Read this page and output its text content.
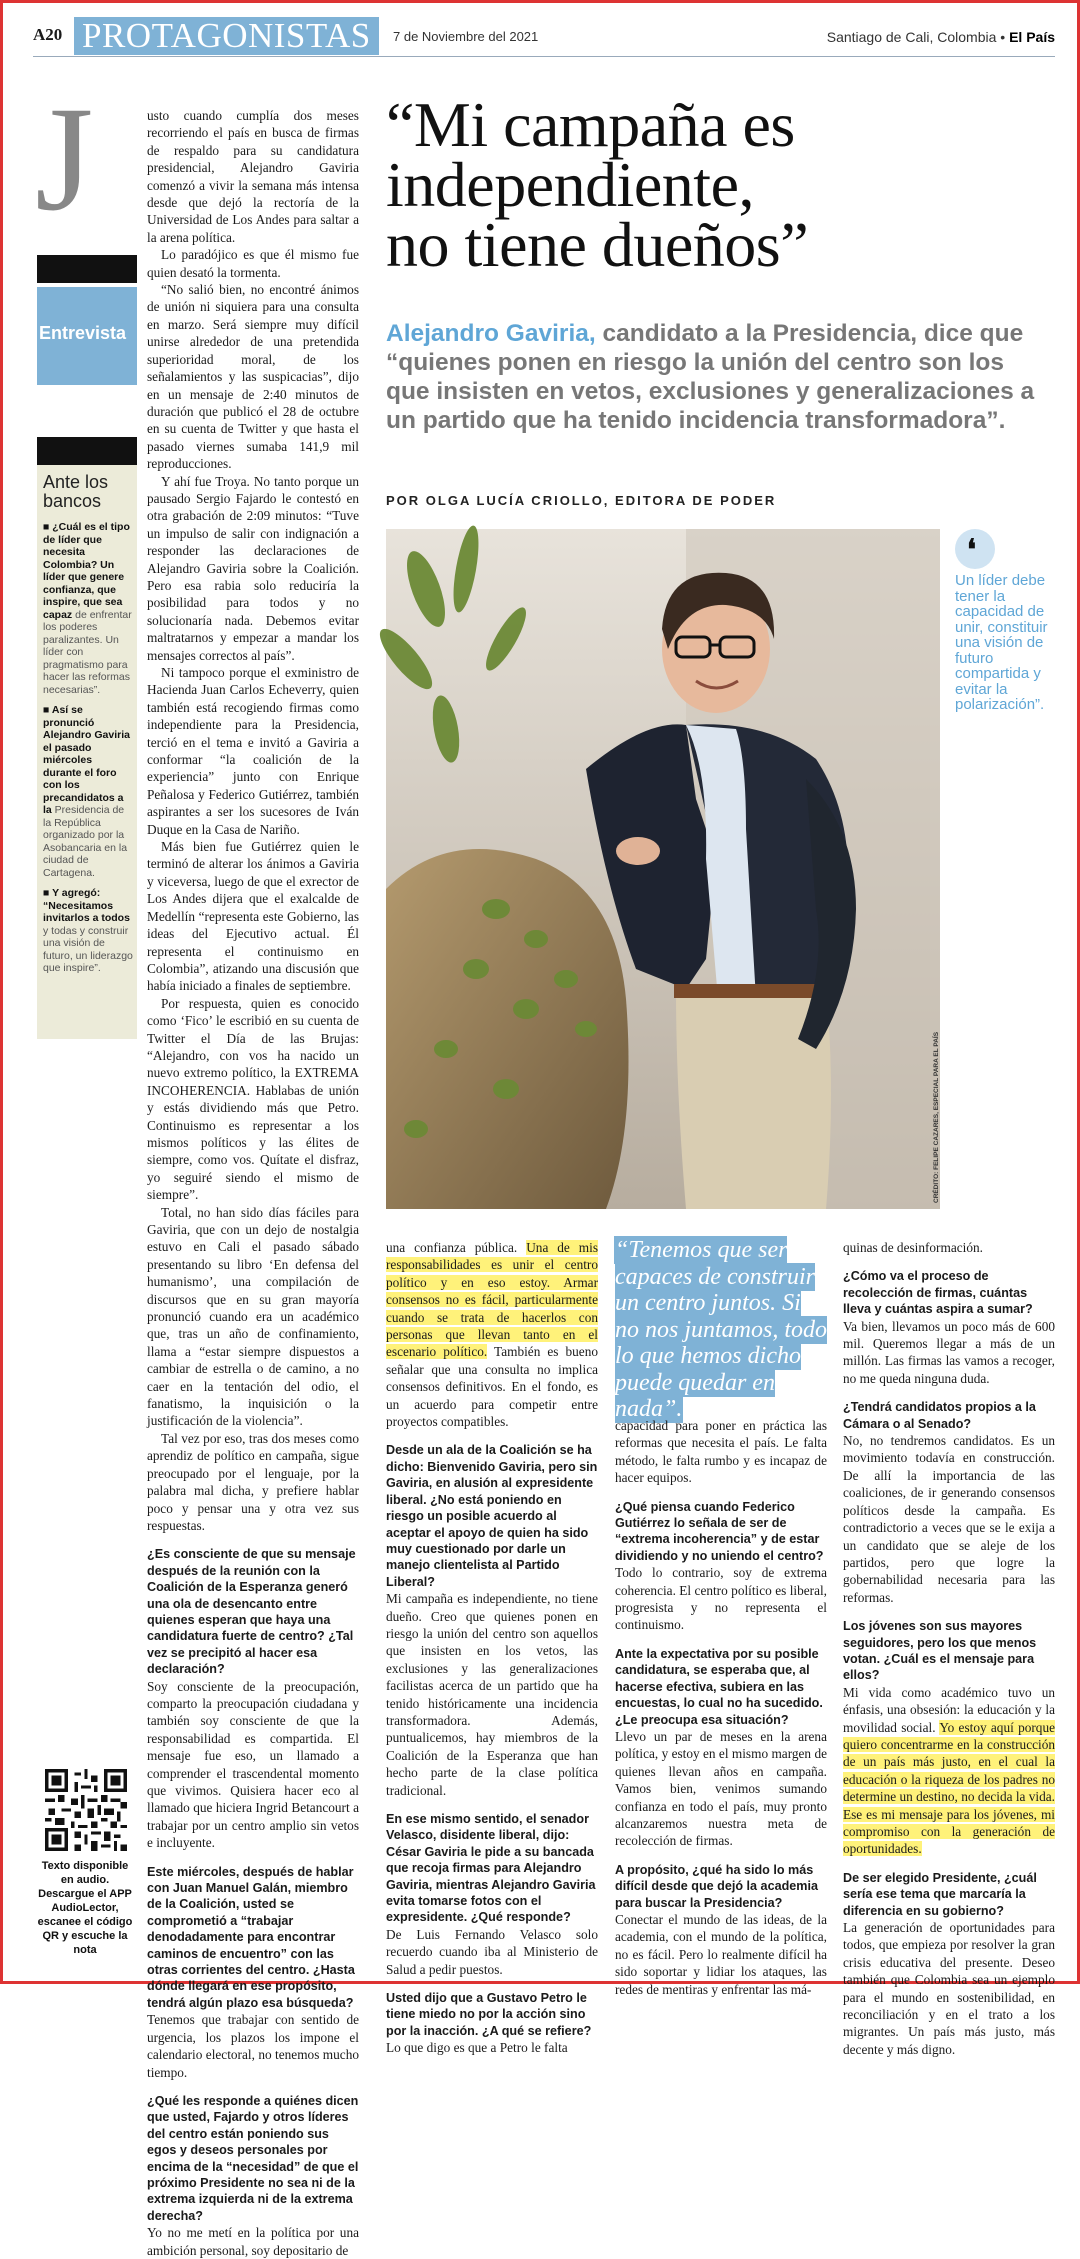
A20 PROTAGONISTAS	7 de Noviembre del 2021	Santiago de Cali, Colombia • El País
J
Entrevista
Ante los bancos

■ ¿Cuál es el tipo de líder que necesita Colombia? Un líder que genere confianza, que inspire, que sea capaz de enfrentar los poderes paralizantes. Un líder con pragmatismo para hacer las reformas necesarias”.

■ Así se pronunció Alejandro Gaviria el pasado miércoles durante el foro con los precandidatos a la Presidencia de la República organizado por la Asobancaria en la ciudad de Cartagena.

■ Y agregó: “Necesitamos invitarlos a todos y todas y construir una visión de futuro, un liderazgo que inspire”.

Texto disponible en audio. Descargue el APP AudioLector, escanee el código QR y escuche la nota

usto cuando cumplía dos meses recorriendo el país en busca de firmas de respaldo para su candidatura presidencial, Alejandro Gaviria comenzó a vivir la semana más intensa desde que dejó la rectoría de la Universidad de Los Andes para saltar a la arena política.

Lo paradójico es que él mismo fue quien desató la tormenta.

“No salió bien, no encontré ánimos de unión ni siquiera para una consulta en marzo. Será siempre muy difícil unirse alrededor de una pretendida superioridad moral, de los señalamientos y las suspicacias”, dijo en un mensaje de 2:40 minutos de duración que publicó el 28 de octubre en su cuenta de Twitter y que hasta el pasado viernes sumaba 141,9 mil reproducciones.

Y ahí fue Troya. No tanto porque un pausado Sergio Fajardo le contestó en otra grabación de 2:09 minutos: “Tuve un impulso de salir con indignación a responder las declaraciones de Alejandro Gaviria sobre la Coalición. Pero esa rabia solo reduciría la posibilidad para todos y no solucionaría nada. Debemos evitar maltratarnos y empezar a mandar los mensajes correctos al país”.

Ni tampoco porque el exministro de Hacienda Juan Carlos Echeverry, quien también está recogiendo firmas como independiente para la Presidencia, terció en el tema e invitó a Gaviria a conformar “la coalición de la experiencia” junto con Enrique Peñalosa y Federico Gutiérrez, también aspirantes a ser los sucesores de Iván Duque en la Casa de Nariño.

Más bien fue Gutiérrez quien le terminó de alterar los ánimos a Gaviria y viceversa, luego de que el exrector de Los Andes dijera que el exalcalde de Medellín “representa este Gobierno, las ideas del Ejecutivo actual. Él representa el continuismo en Colombia”, atizando una discusión que había iniciado a finales de septiembre.

Por respuesta, quien es conocido como ‘Fico’ le escribió en su cuenta de Twitter el Día de las Brujas: “Alejandro, con vos ha nacido un nuevo extremo político, la EXTREMA INCOHERENCIA. Hablabas de unión y estás dividiendo más que Petro. Continuismo es representar a los mismos políticos y las élites de siempre, como vos. Quítate el disfraz, yo seguiré siendo el mismo de siempre”.

Total, no han sido días fáciles para Gaviria, que con un dejo de nostalgia estuvo en Cali el pasado sábado presentando su libro ‘En defensa del humanismo’, una compilación de discursos que en su gran mayoría pronunció cuando era un académico que, tras un año de confinamiento, llama a “estar siempre dispuestos a cambiar de estrella o de camino, a no caer en la tentación del odio, el fanatismo, la inquisición o la justificación de la violencia”.

Tal vez por eso, tras dos meses como aprendiz de político en campaña, sigue preocupado por el lenguaje, por la palabra mal dicha, y prefiere hablar poco y pensar una y otra vez sus respuestas.

¿Es consciente de que su mensaje después de la reunión con la Coalición de la Esperanza generó una ola de desencanto entre quienes esperan que haya una candidatura fuerte de centro? ¿Tal vez se precipitó al hacer esa declaración?

Soy consciente de la preocupación, comparto la preocupación ciudadana y también soy consciente de que la responsabilidad es compartida. El mensaje fue eso, un llamado a comprender el trascendental momento que vivimos. Quisiera hacer eco al llamado que hiciera Ingrid Betancourt a trabajar por un centro amplio sin vetos e incluyente.

Este miércoles, después de hablar con Juan Manuel Galán, miembro de la Coalición, usted se comprometió a “trabajar denodadamente para encontrar caminos de encuentro” con las otras corrientes del centro. ¿Hasta dónde llegará en ese propósito, tendrá algún plazo esa búsqueda?

Tenemos que trabajar con sentido de urgencia, los plazos los impone el calendario electoral, no tenemos mucho tiempo.

¿Qué les responde a quiénes dicen que usted, Fajardo y otros líderes del centro están poniendo sus egos y deseos personales por encima de la “necesidad” de que el próximo Presidente no sea ni de la extrema izquierda ni de la extrema derecha?

Yo no me metí en la política por una ambición personal, soy depositario de

“Mi campaña es
independiente,
no tiene dueños”
Alejandro Gaviria, candidato a la Presidencia, dice que “quienes ponen en riesgo la unión del centro son los que insisten en vetos, exclusiones y generalizaciones a un partido que ha tenido incidencia transformadora”.
POR OLGA LUCÍA CRIOLLO, EDITORA DE PODER
CRÉDITO: FELIPE CAZARES, ESPECIAL PARA EL PAÍS
❛
Un líder debe tener la capacidad de unir, constituir una visión de futuro compartida y evitar la polarización”.

una confianza pública. Una de mis responsabilidades es unir el centro político y en eso estoy. Armar consensos no es fácil, particularmente cuando se trata de hacerlos con personas que llevan tanto en el escenario político. También es bueno señalar que una consulta no implica consensos definitivos. En el fondo, es un acuerdo para competir entre proyectos compatibles.

Desde un ala de la Coalición se ha dicho: Bienvenido Gaviria, pero sin Gaviria, en alusión al expresidente liberal. ¿No está poniendo en riesgo un posible acuerdo al aceptar el apoyo de quien ha sido muy cuestionado por darle un manejo clientelista al Partido Liberal?

Mi campaña es independiente, no tiene dueño. Creo que quienes ponen en riesgo la unión del centro son aquellos que insisten en los vetos, las exclusiones y las generalizaciones facilistas acerca de un partido que ha tenido históricamente una incidencia transformadora. Además, puntualicemos, hay miembros de la Coalición de la Esperanza que han hecho parte de la clase política tradicional.

En ese mismo sentido, el senador Velasco, disidente liberal, dijo: César Gaviria le pide a su bancada que recoja firmas para Alejandro Gaviria, mientras Alejandro Gaviria evita tomarse fotos con el expresidente. ¿Qué responde?

De Luis Fernando Velasco solo recuerdo cuando iba al Ministerio de Salud a pedir puestos.

Usted dijo que a Gustavo Petro le tiene miedo no por la acción sino por la inacción. ¿A qué se refiere?

Lo que digo es que a Petro le falta

“Tenemos que ser capaces de construir un centro juntos. Si no nos juntamos, todo lo que hemos dicho puede quedar en nada”.

capacidad para poner en práctica las reformas que necesita el país. Le falta método, le falta rumbo y es incapaz de hacer equipos.

¿Qué piensa cuando Federico Gutiérrez lo señala de ser de “extrema incoherencia” y de estar dividiendo y no uniendo el centro?

Todo lo contrario, soy de extrema coherencia. El centro político es liberal, progresista y no representa el continuismo.

Ante la expectativa por su posible candidatura, se esperaba que, al hacerse efectiva, subiera en las encuestas, lo cual no ha sucedido. ¿Le preocupa esa situación?

Llevo un par de meses en la arena política, y estoy en el mismo margen de quienes llevan años en campaña. Vamos bien, venimos sumando confianza en todo el país, muy pronto alcanzaremos nuestra meta de recolección de firmas.

A propósito, ¿qué ha sido lo más difícil desde que dejó la academia para buscar la Presidencia?

Conectar el mundo de las ideas, de la academia, con el mundo de la política, no es fácil. Pero lo realmente difícil ha sido soportar y lidiar los ataques, las redes de mentiras y enfrentar las má-

quinas de desinformación.

¿Cómo va el proceso de recolección de firmas, cuántas lleva y cuántas aspira a sumar?

Va bien, llevamos un poco más de 600 mil. Queremos llegar a más de un millón. Las firmas las vamos a recoger, no me queda ninguna duda.

¿Tendrá candidatos propios a la Cámara o al Senado?

No, no tendremos candidatos. Es un movimiento todavía en construcción. De allí la importancia de las coaliciones, de ir generando consensos políticos desde la campaña. Es contradictorio a veces que se le exija a un candidato que se aleje de los partidos, pero que logre la gobernabilidad necesaria para las reformas.

Los jóvenes son sus mayores seguidores, pero los que menos votan. ¿Cuál es el mensaje para ellos?

Mi vida como académico tuvo un énfasis, una obsesión: la educación y la movilidad social. Yo estoy aquí porque quiero concentrarme en la construcción de un país más justo, en el cual la educación o la riqueza de los padres no determine un destino, no decida la vida. Ese es mi mensaje para los jóvenes, mi compromiso con la generación de oportunidades.

De ser elegido Presidente, ¿cuál sería ese tema que marcaría la diferencia en su gobierno?

La generación de oportunidades para todos, que empieza por resolver la gran crisis educativa del presente. Deseo también que Colombia sea un ejemplo para el mundo en sostenibilidad, en reconciliación y en el trato a los migrantes. Un país más justo, más decente y más digno.
